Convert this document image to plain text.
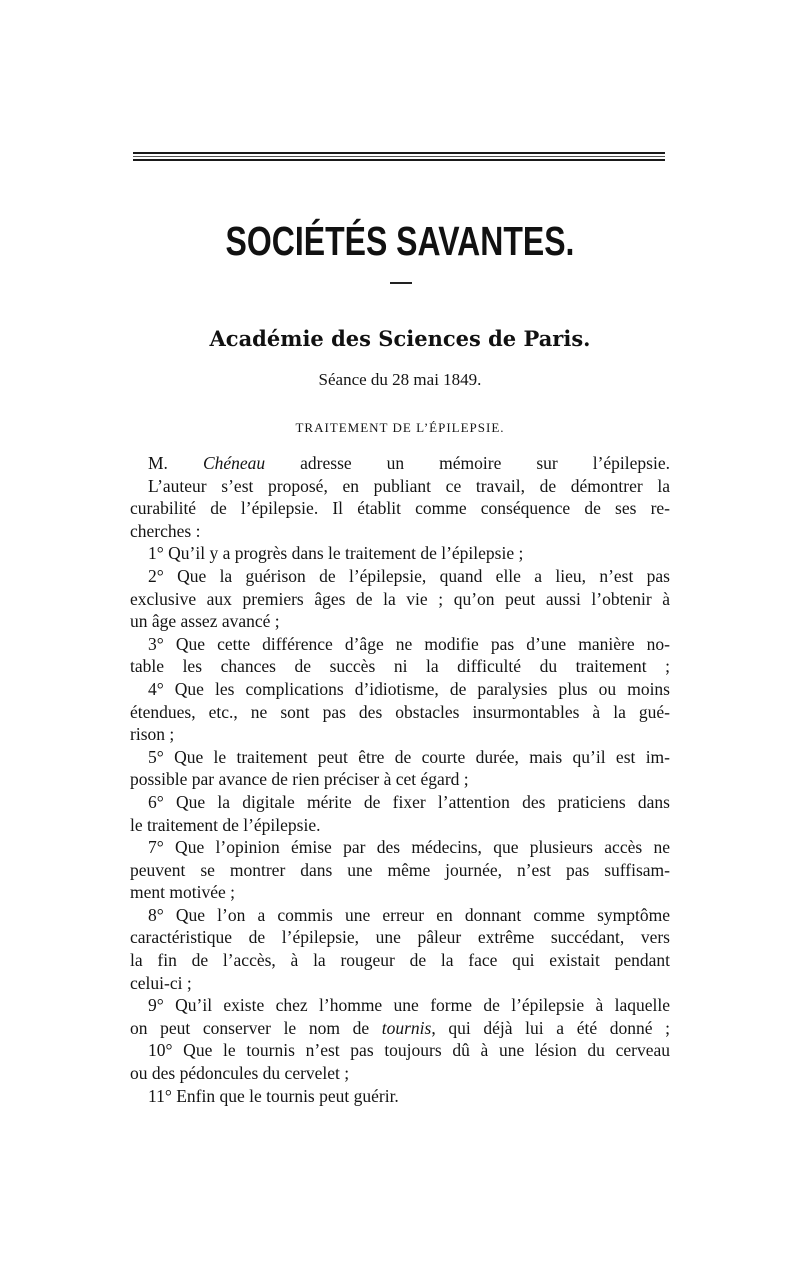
SOCIÉTÉS SAVANTES.
Académie des Sciences de Paris.
Séance du 28 mai 1849.
TRAITEMENT DE L’ÉPILEPSIE.
M. Chéneau adresse un mémoire sur l’épilepsie.
L’auteur s’est proposé, en publiant ce travail, de démontrer la
curabilité de l’épilepsie. Il établit comme conséquence de ses re-
cherches :
1° Qu’il y a progrès dans le traitement de l’épilepsie ;
2° Que la guérison de l’épilepsie, quand elle a lieu, n’est pas
exclusive aux premiers âges de la vie ; qu’on peut aussi l’obtenir à
un âge assez avancé ;
3° Que cette différence d’âge ne modifie pas d’une manière no-
table les chances de succès ni la difficulté du traitement ;
4° Que les complications d’idiotisme, de paralysies plus ou moins
étendues, etc., ne sont pas des obstacles insurmontables à la gué-
rison ;
5° Que le traitement peut être de courte durée, mais qu’il est im-
possible par avance de rien préciser à cet égard ;
6° Que la digitale mérite de fixer l’attention des praticiens dans
le traitement de l’épilepsie.
7° Que l’opinion émise par des médecins, que plusieurs accès ne
peuvent se montrer dans une même journée, n’est pas suffisam-
ment motivée ;
8° Que l’on a commis une erreur en donnant comme symptôme
caractéristique de l’épilepsie, une pâleur extrême succédant, vers
la fin de l’accès, à la rougeur de la face qui existait pendant
celui-ci ;
9° Qu’il existe chez l’homme une forme de l’épilepsie à laquelle
on peut conserver le nom de tournis, qui déjà lui a été donné ;
10° Que le tournis n’est pas toujours dû à une lésion du cerveau
ou des pédoncules du cervelet ;
11° Enfin que le tournis peut guérir.
